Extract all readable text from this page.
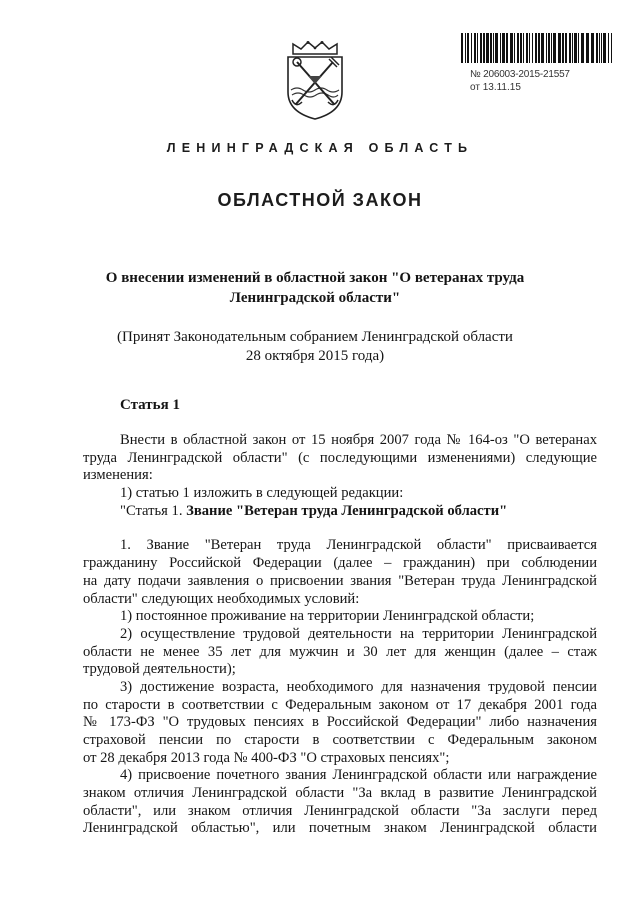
№ 206003-2015-21557
от 13.11.15
ЛЕНИНГРАДСКАЯ ОБЛАСТЬ
ОБЛАСТНОЙ ЗАКОН
О внесении изменений в областной закон "О ветеранах труда
Ленинградской области"
(Принят Законодательным собранием Ленинградской области
28 октября 2015 года)
Статья 1
Внести в областной закон от 15 ноября 2007 года № 164-оз "О ветеранах
труда Ленинградской области" (с последующими изменениями) следующие
изменения:
1) статью 1 изложить в следующей редакции:
"Статья 1. Звание "Ветеран труда Ленинградской области"
1. Звание "Ветеран труда Ленинградской области" присваивается
гражданину Российской Федерации (далее – гражданин) при соблюдении
на дату подачи заявления о присвоении звания "Ветеран труда Ленинградской
области" следующих необходимых условий:
1) постоянное проживание на территории Ленинградской области;
2) осуществление трудовой деятельности на территории Ленинградской
области не менее 35 лет для мужчин и 30 лет для женщин (далее – стаж
трудовой деятельности);
3) достижение возраста, необходимого для назначения трудовой пенсии
по старости в соответствии с Федеральным законом от 17 декабря 2001 года
№ 173-ФЗ "О трудовых пенсиях в Российской Федерации" либо назначения
страховой пенсии по старости в соответствии с Федеральным законом
от 28 декабря 2013 года № 400-ФЗ "О страховых пенсиях";
4) присвоение почетного звания Ленинградской области или награждение
знаком отличия Ленинградской области "За вклад в развитие Ленинградской
области", или знаком отличия Ленинградской области "За заслуги перед
Ленинградской областью", или почетным знаком Ленинградской области
